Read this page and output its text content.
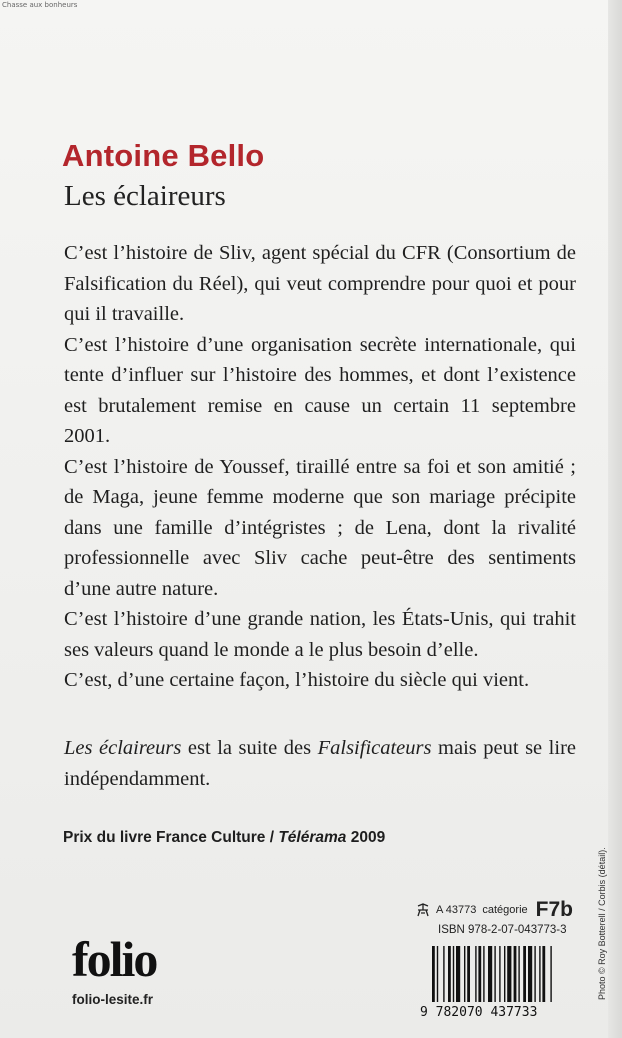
Chasse aux bonheurs
Antoine Bello
Les éclaireurs

C’est l’histoire de Sliv, agent spécial du CFR (Consortium de Falsification du Réel), qui veut comprendre pour quoi et pour qui il travaille.

C’est l’histoire d’une organisation secrète internationale, qui tente d’influer sur l’histoire des hommes, et dont l’existence est brutalement remise en cause un certain 11 septembre 2001.

C’est l’histoire de Youssef, tiraillé entre sa foi et son amitié ; de Maga, jeune femme moderne que son mariage précipite dans une famille d’intégristes ; de Lena, dont la rivalité professionnelle avec Sliv cache peut-être des sentiments d’une autre nature.

C’est l’histoire d’une grande nation, les États-Unis, qui trahit ses valeurs quand le monde a le plus besoin d’elle.

C’est, d’une certaine façon, l’histoire du siècle qui vient.

Les éclaireurs est la suite des Falsificateurs mais peut se lire indépendamment.

Prix du livre France Culture / Télérama 2009
A 43773 catégorie F7b
ISBN 978-2-07-043773-3
9 782070 437733
folio
folio-lesite.fr	Photo © Roy Botterell / Corbis (détail).
